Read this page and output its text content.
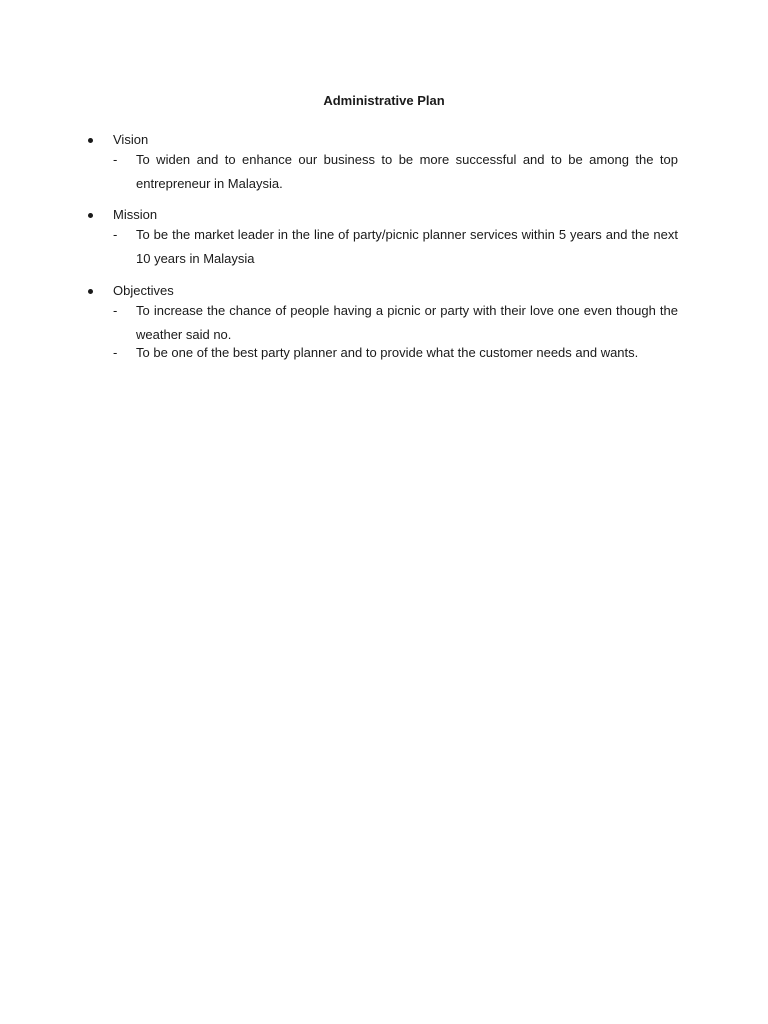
Administrative Plan
Vision
- To widen and to enhance our business to be more successful and to be among the top entrepreneur in Malaysia.
Mission
- To be the market leader in the line of party/picnic planner services within 5 years and the next 10 years in Malaysia
Objectives
- To increase the chance of people having a picnic or party with their love one even though the weather said no.
- To be one of the best party planner and to provide what the customer needs and wants.
